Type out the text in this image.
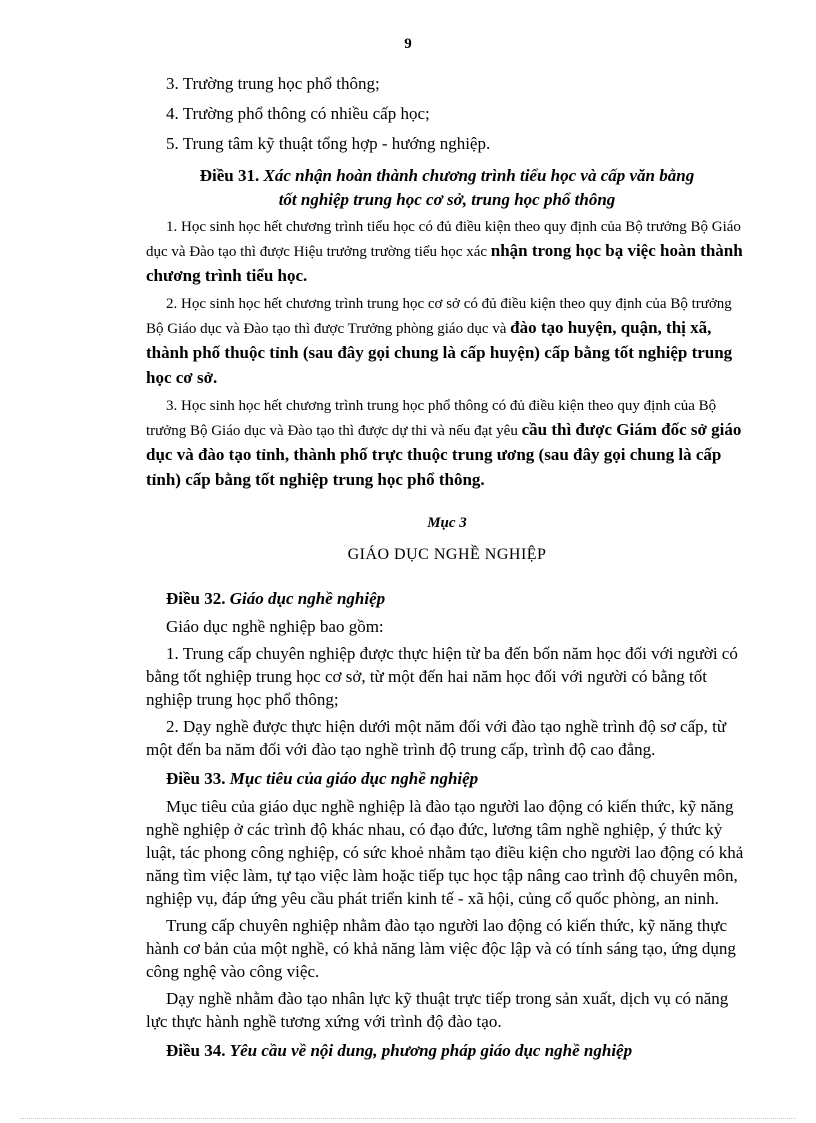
9
3. Trường trung học phổ thông;
4. Trường phổ thông có nhiều cấp học;
5. Trung tâm kỹ thuật tổng hợp - hướng nghiệp.
Điều 31. Xác nhận hoàn thành chương trình tiểu học và cấp văn bằng
tốt nghiệp trung học cơ sở, trung học phổ thông
1. Học sinh học hết chương trình tiểu học có đủ điều kiện theo quy định của Bộ trưởng Bộ Giáo dục và Đào tạo thì được Hiệu trưởng trường tiểu học xác nhận trong học bạ việc hoàn thành chương trình tiểu học.
2. Học sinh học hết chương trình trung học cơ sở có đủ điều kiện theo quy định của Bộ trưởng Bộ Giáo dục và Đào tạo thì được Trưởng phòng giáo dục và đào tạo huyện, quận, thị xã, thành phố thuộc tỉnh (sau đây gọi chung là cấp huyện) cấp bằng tốt nghiệp trung học cơ sở.
3. Học sinh học hết chương trình trung học phổ thông có đủ điều kiện theo quy định của Bộ trưởng Bộ Giáo dục và Đào tạo thì được dự thi và nếu đạt yêu cầu thì được Giám đốc sở giáo dục và đào tạo tỉnh, thành phố trực thuộc trung ương (sau đây gọi chung là cấp tỉnh) cấp bằng tốt nghiệp trung học phổ thông.
Mục 3
GIÁO DỤC NGHỀ NGHIỆP
Điều 32. Giáo dục nghề nghiệp
Giáo dục nghề nghiệp bao gồm:
1. Trung cấp chuyên nghiệp được thực hiện từ ba đến bốn năm học đối với người có bằng tốt nghiệp trung học cơ sở, từ một đến hai năm học đối với người có bằng tốt nghiệp trung học phổ thông;
2. Dạy nghề được thực hiện dưới một năm đối với đào tạo nghề trình độ sơ cấp, từ một đến ba năm đối với đào tạo nghề trình độ trung cấp, trình độ cao đẳng.
Điều 33. Mục tiêu của giáo dục nghề nghiệp
Mục tiêu của giáo dục nghề nghiệp là đào tạo người lao động có kiến thức, kỹ năng nghề nghiệp ở các trình độ khác nhau, có đạo đức, lương tâm nghề nghiệp, ý thức kỷ luật, tác phong công nghiệp, có sức khoẻ nhằm tạo điều kiện cho người lao động có khả năng tìm việc làm, tự tạo việc làm hoặc tiếp tục học tập nâng cao trình độ chuyên môn, nghiệp vụ, đáp ứng yêu cầu phát triển kinh tế - xã hội, củng cố quốc phòng, an ninh.
Trung cấp chuyên nghiệp nhằm đào tạo người lao động có kiến thức, kỹ năng thực hành cơ bản của một nghề, có khả năng làm việc độc lập và có tính sáng tạo, ứng dụng công nghệ vào công việc.
Dạy nghề nhằm đào tạo nhân lực kỹ thuật trực tiếp trong sản xuất, dịch vụ có năng lực thực hành nghề tương xứng với trình độ đào tạo.
Điều 34. Yêu cầu về nội dung, phương pháp giáo dục nghề nghiệp
